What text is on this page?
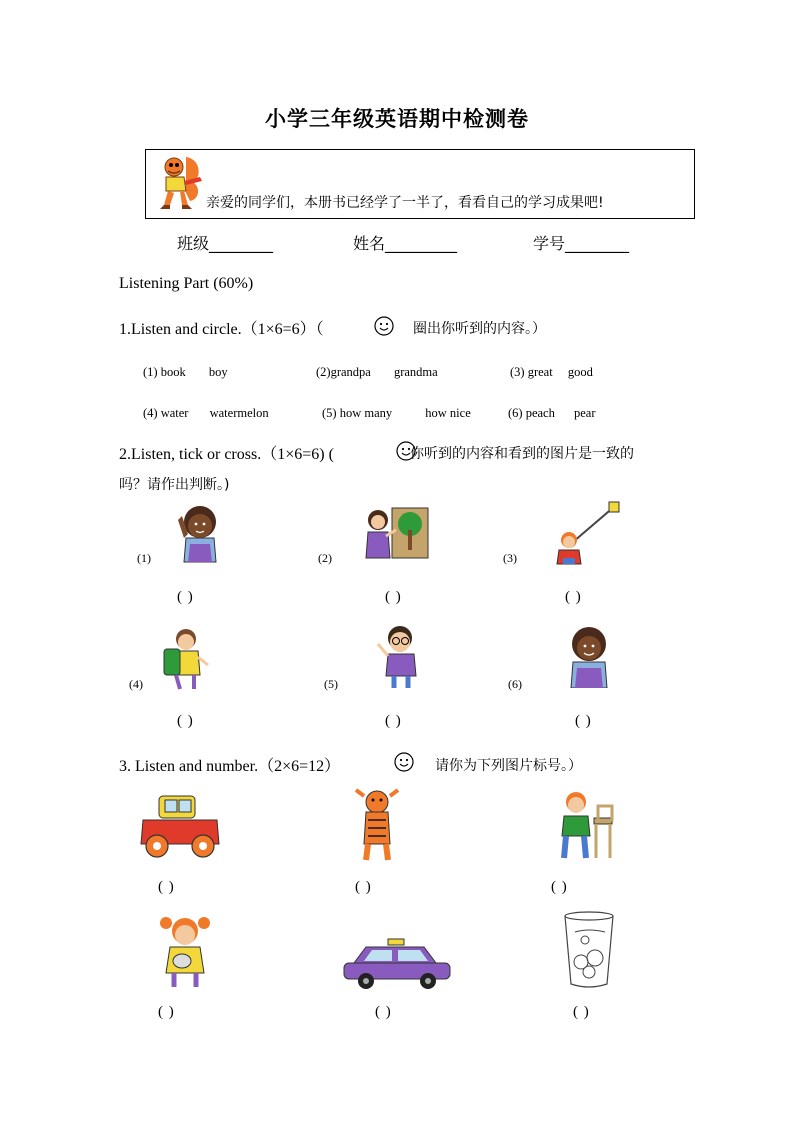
小学三年级英语期中检测卷
亲爱的同学们，本册书已经学了一半了，看看自己的学习成果吧!
班级________	姓名_________	学号________
Listening Part (60%)
1.Listen and circle.（1×6=6）（	圈出你听到的内容。）
(1) book boy	(2)grandpa grandma	(3) great good
(4) water watermelon	(5) how many	how nice	(6) peach pear
2.Listen, tick or cross.（1×6=6) (	你听到的内容和看到的图片是一致的
吗？请作出判断。)
(1)
( )
(2)
( )
(3)
( )
(4)
( )
(5)
( )
(6)
( )
3. Listen and number.（2×6=12）	请你为下列图片标号。）
( )	( )	( )
( )	( )	( )
